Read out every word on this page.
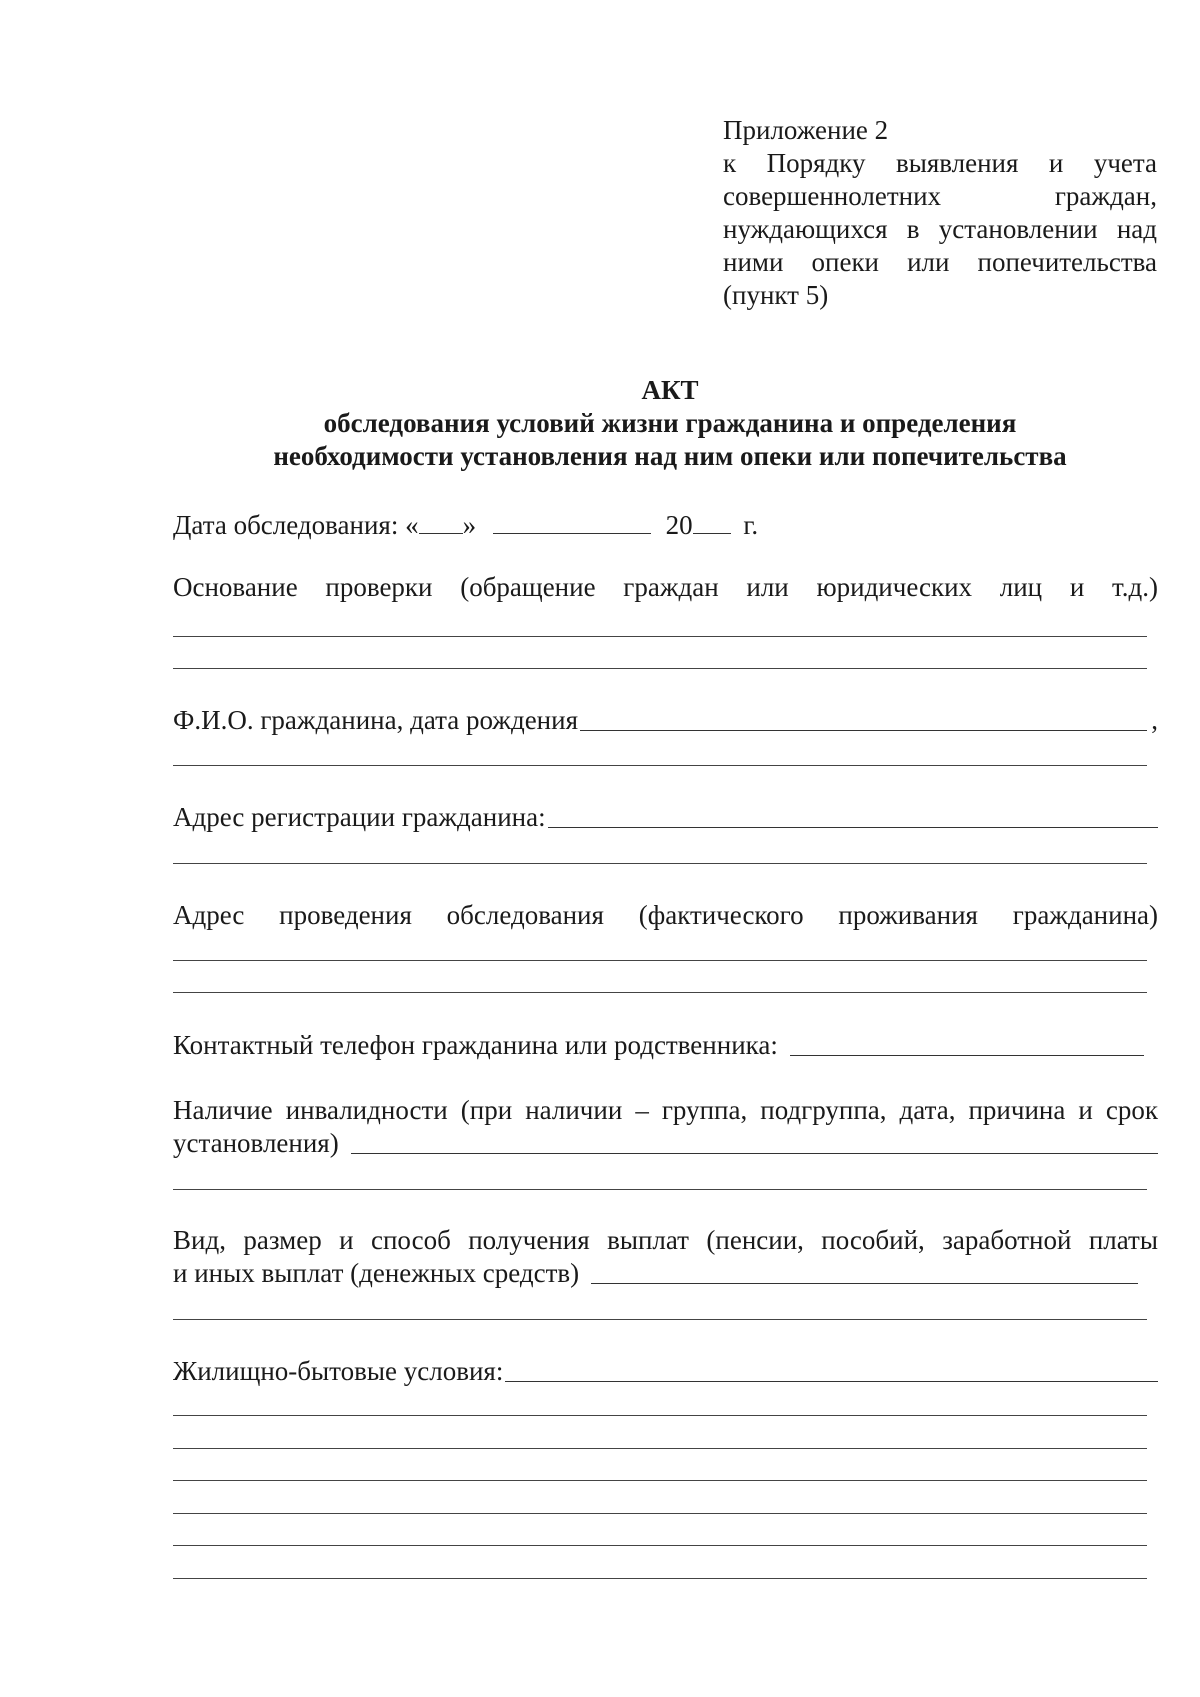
Приложение 2
к Порядку выявления и учета
совершеннолетних граждан,
нуждающихся в установлении над
ними опеки или попечительства
(пункт 5)
АКТ
обследования условий жизни гражданина и определения
необходимости установления над ним опеки или попечительства
Дата обследования: « »	20 г.
Основание проверки (обращение граждан или юридических лиц и т.д.)
Ф.И.О. гражданина, дата рождения	,
Адрес регистрации гражданина:
Адрес проведения обследования (фактического проживания гражданина)
Контактный телефон гражданина или родственника:
Наличие инвалидности (при наличии – группа, подгруппа, дата, причина и срок
установления)
Вид, размер и способ получения выплат (пенсии, пособий, заработной платы
и иных выплат (денежных средств)
Жилищно-бытовые условия:
